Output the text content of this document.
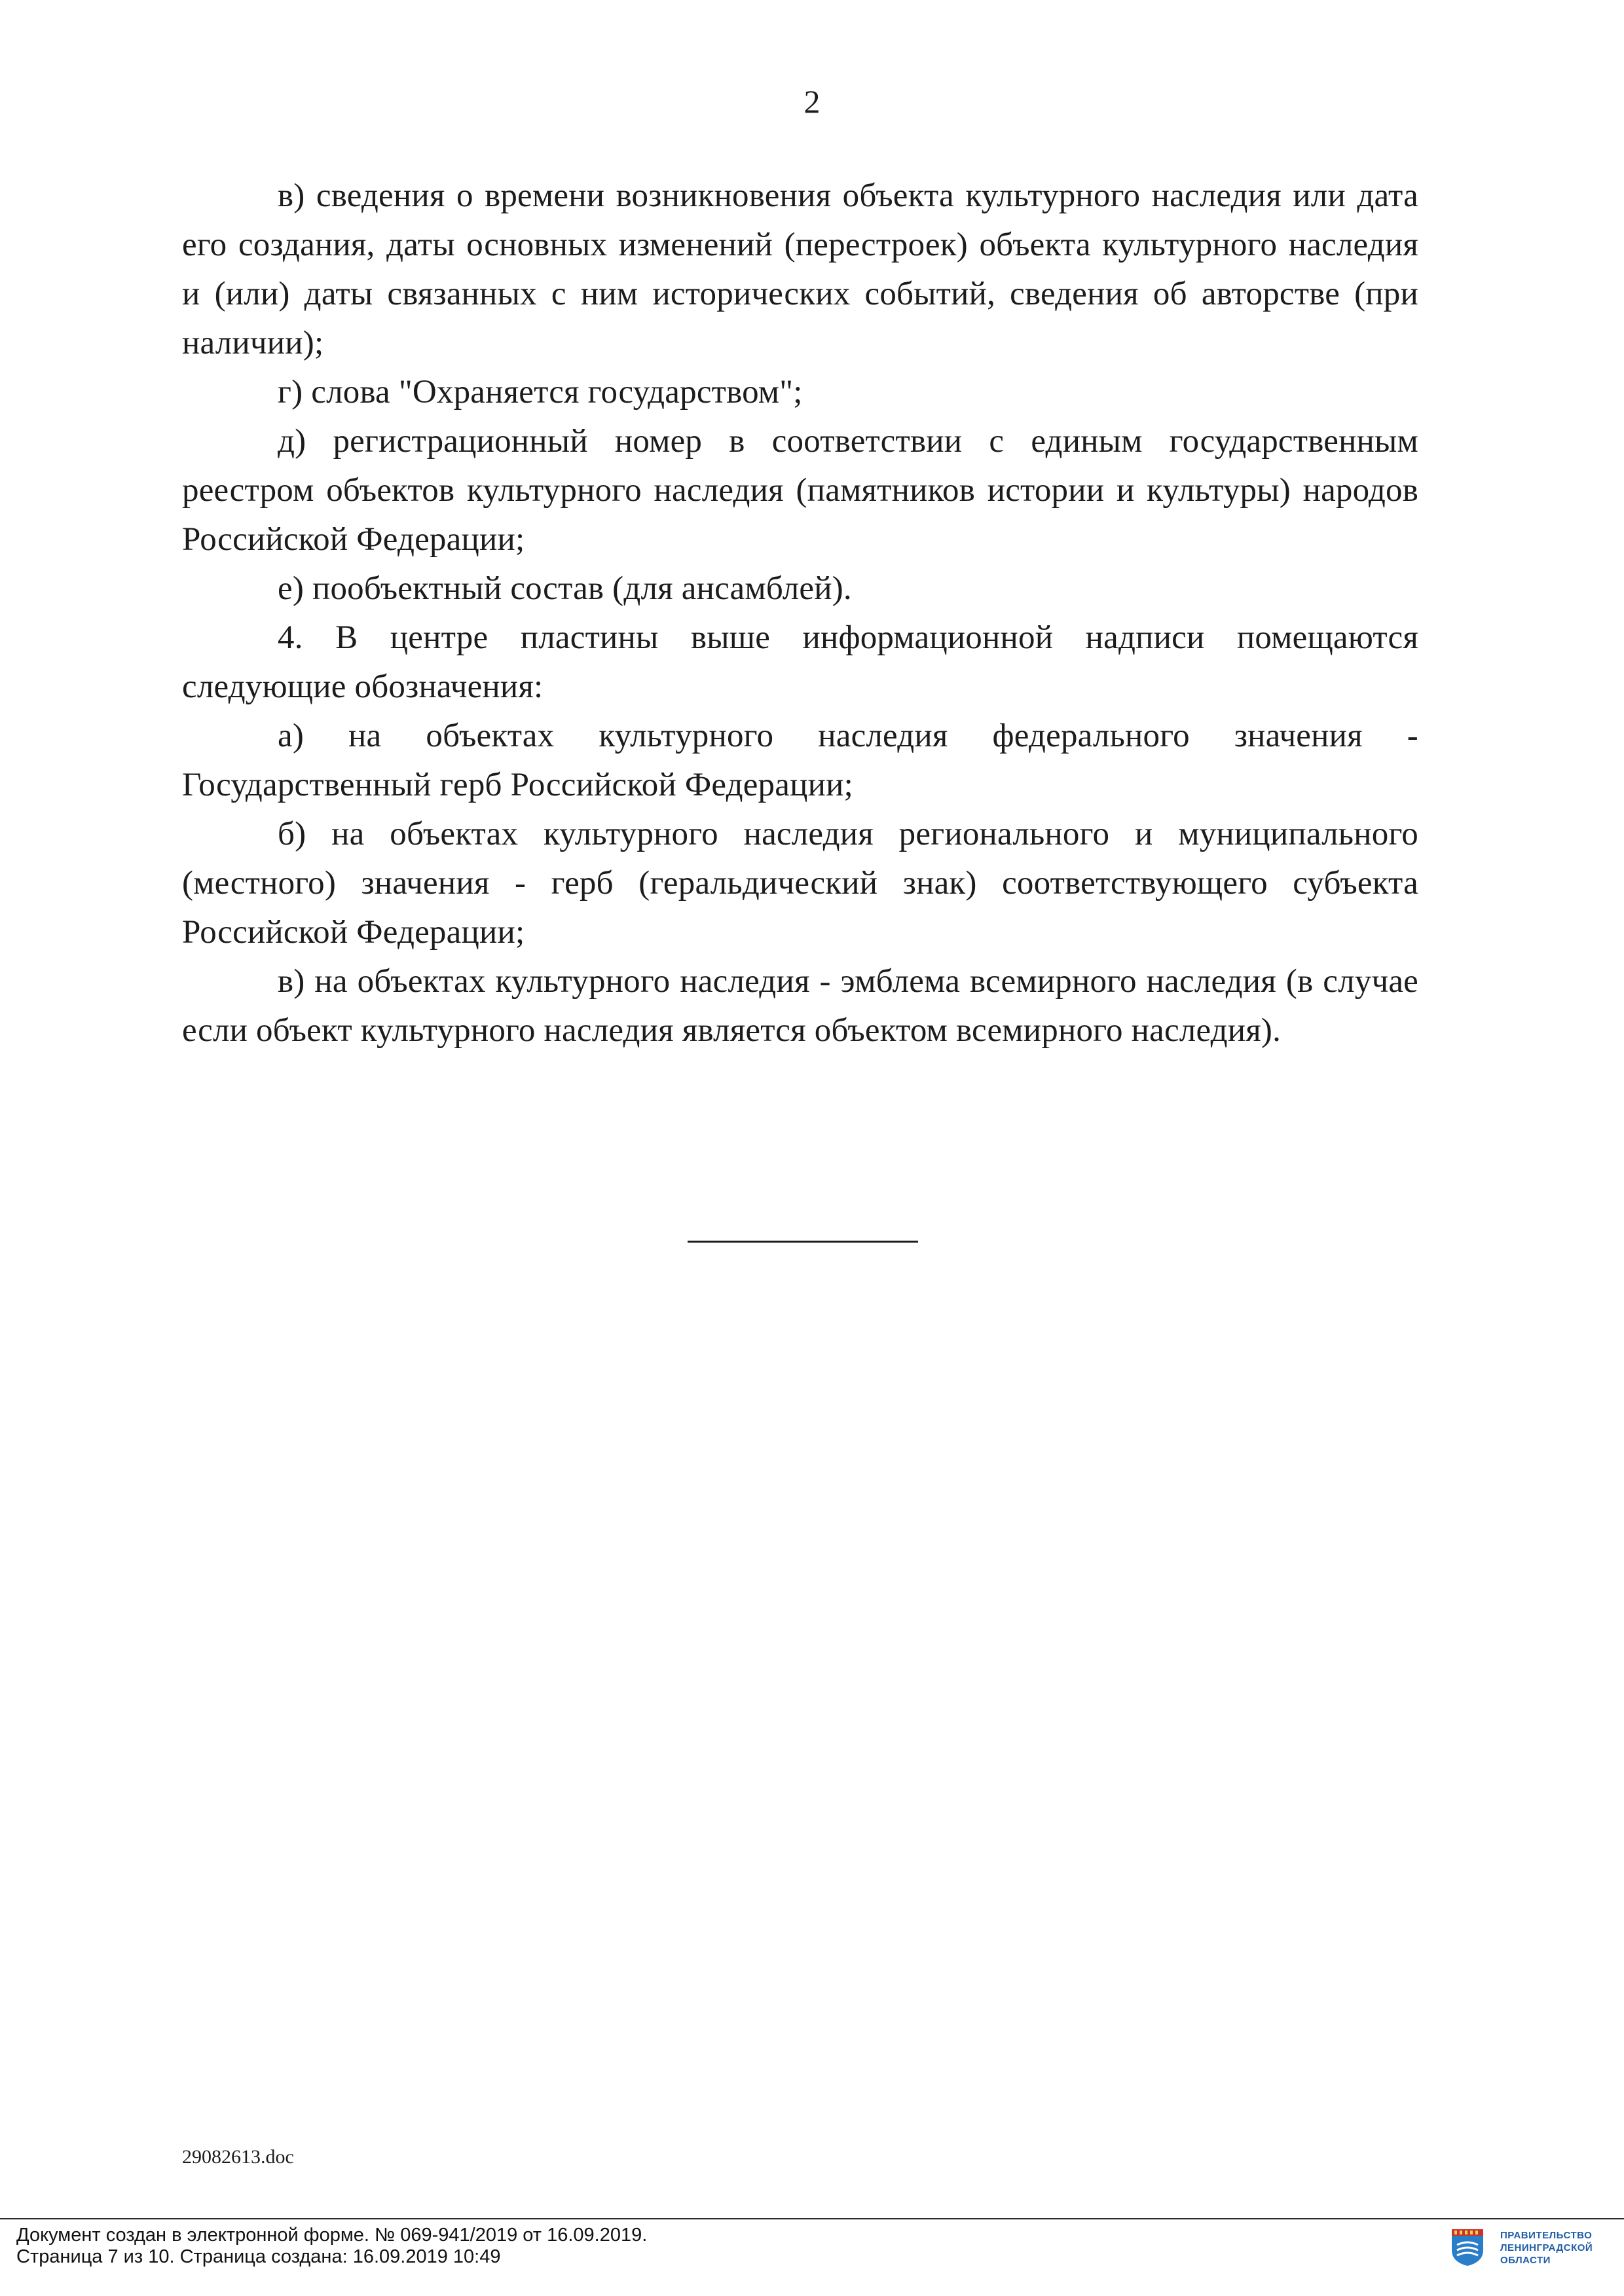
2

в) сведения о времени возникновения объекта культурного наследия или дата его создания, даты основных изменений (перестроек) объекта культурного наследия и (или) даты связанных с ним исторических событий, сведения об авторстве (при наличии);

г) слова "Охраняется государством";

д) регистрационный номер в соответствии с единым государственным реестром объектов культурного наследия (памятников истории и культуры) народов Российской Федерации;

е) пообъектный состав (для ансамблей).

4. В центре пластины выше информационной надписи помещаются следующие обозначения:

а) на объектах культурного наследия федерального значения - Государственный герб Российской Федерации;

б) на объектах культурного наследия регионального и муниципального (местного) значения - герб (геральдический знак) соответствующего субъекта Российской Федерации;

в) на объектах культурного наследия - эмблема всемирного наследия (в случае если объект культурного наследия является объектом всемирного наследия).

29082613.doc
Документ создан в электронной форме. № 069-941/2019 от 16.09.2019.
Страница 7 из 10. Страница создана: 16.09.2019 10:49
ПРАВИТЕЛЬСТВО
ЛЕНИНГРАДСКОЙ
ОБЛАСТИ
